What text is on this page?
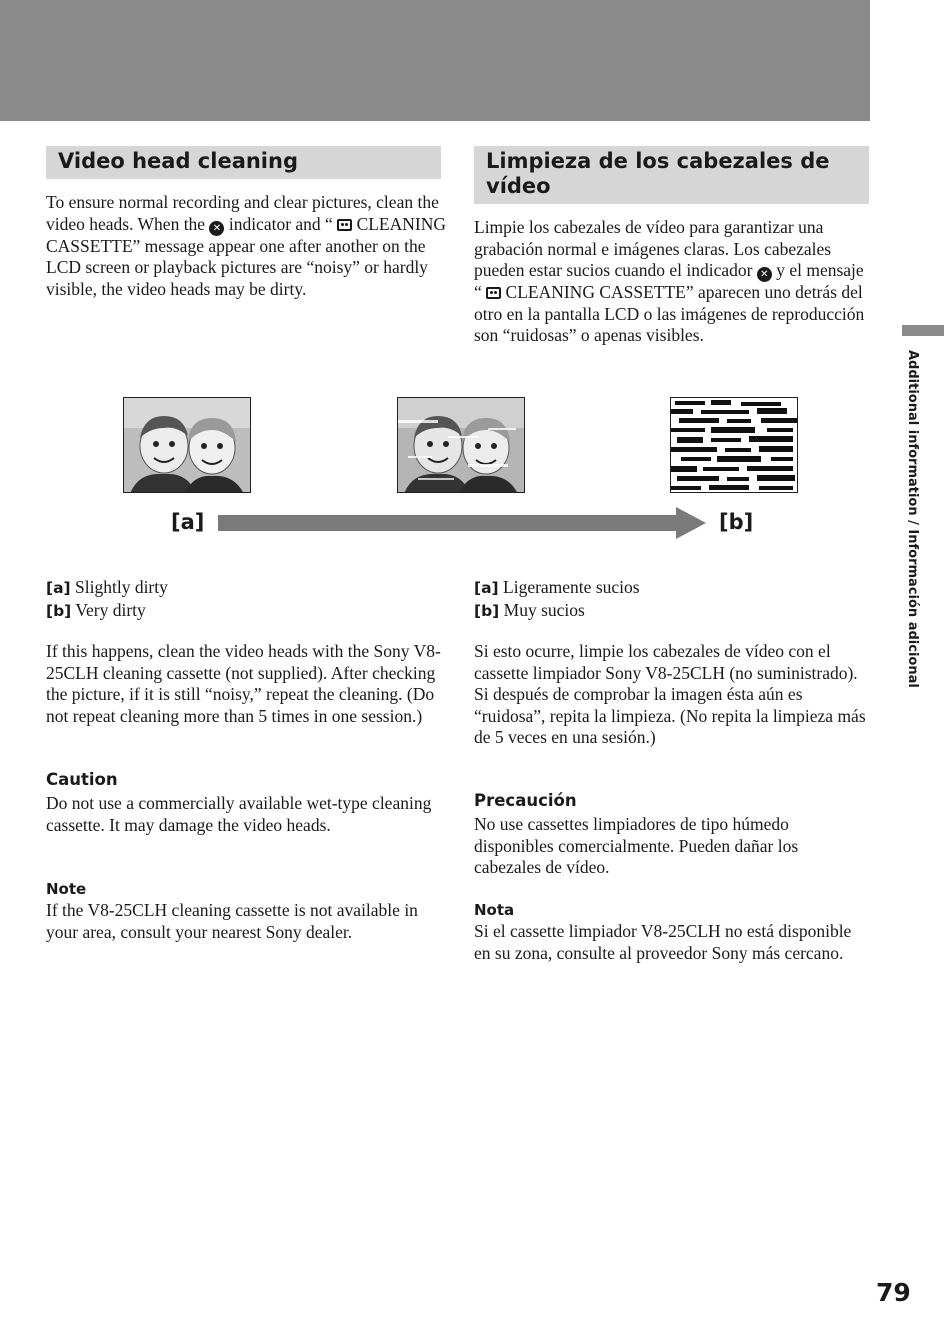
Video head cleaning
To ensure normal recording and clear pictures, clean the video heads. When the ✕ indicator and “  CLEANING CASSETTE” message appear one after another on the LCD screen or playback pictures are “noisy” or hardly visible, the video heads may be dirty.
[a] Slightly dirty
[b] Very dirty
If this happens, clean the video heads with the Sony V8-25CLH cleaning cassette (not supplied). After checking the picture, if it is still “noisy,” repeat the cleaning. (Do not repeat cleaning more than 5 times in one session.)
Caution
Do not use a commercially available wet-type cleaning cassette. It may damage the video heads.
Note
If the V8-25CLH cleaning cassette is not available in your area, consult your nearest Sony dealer.
Limpieza de los cabezales de vídeo
Limpie los cabezales de vídeo para garantizar una grabación normal e imágenes claras. Los cabezales pueden estar sucios cuando el indicador ✕ y el mensaje “  CLEANING CASSETTE” aparecen uno detrás del otro en la pantalla LCD o las imágenes de reproducción son “ruidosas” o apenas visibles.
[a] Ligeramente sucios
[b] Muy sucios
Si esto ocurre, limpie los cabezales de vídeo con el cassette limpiador Sony V8-25CLH (no suministrado). Si después de comprobar la imagen ésta aún es “ruidosa”, repita la limpieza. (No repita la limpieza más de 5 veces en una sesión.)
Precaución
No use cassettes limpiadores de tipo húmedo disponibles comercialmente. Pueden dañar los cabezales de vídeo.
Nota
Si el cassette limpiador V8-25CLH no está disponible en su zona, consulte al proveedor Sony más cercano.
[a]	[b]	Additional information / Información adicional
79
